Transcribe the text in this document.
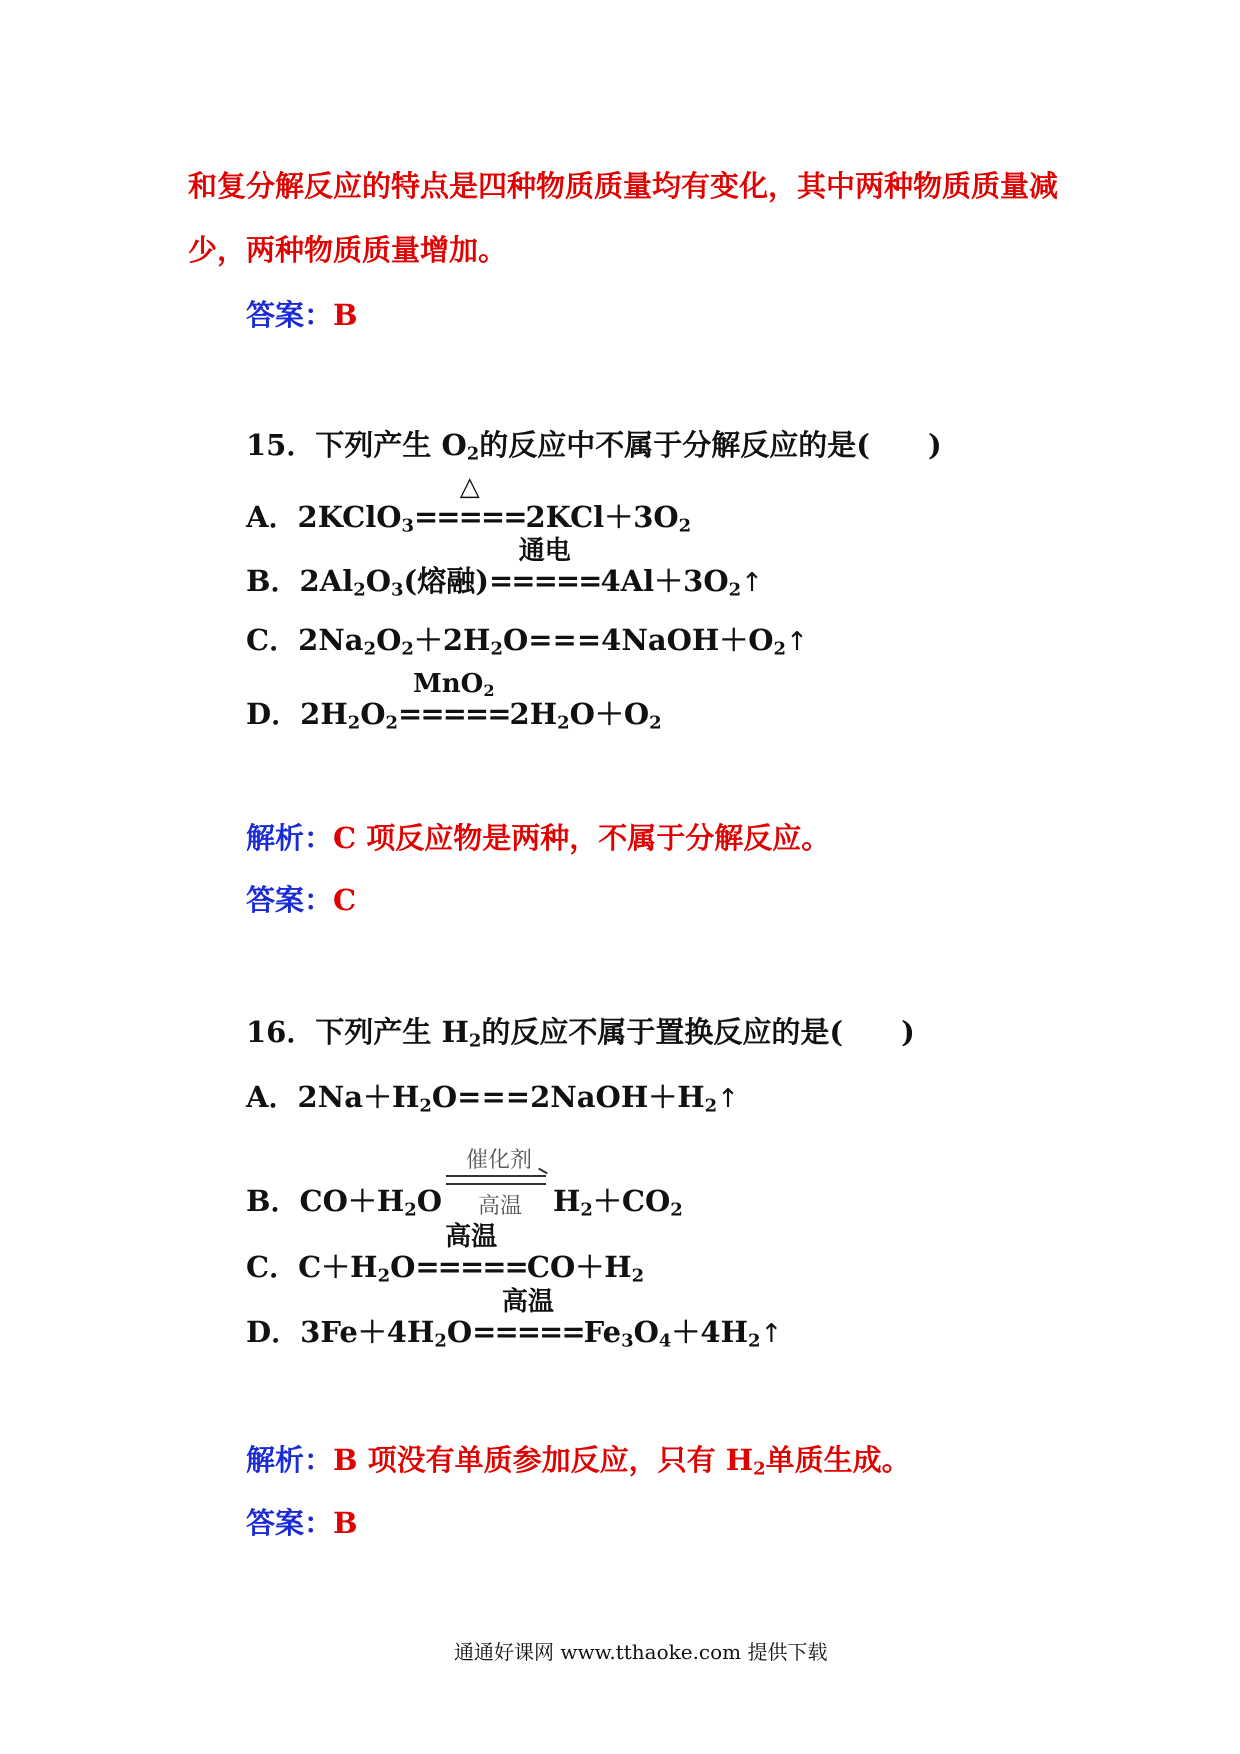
和复分解反应的特点是四种物质质量均有变化，其中两种物质质量减
少，两种物质质量增加。
答案：B
15．下列产生 $O_2$的反应中不属于分解反应的是(　　)
A．2KClO$_3$
△
$=====2KCl+3O_2$
B．$2Al_2O_3$(熔融)
通电
$=====4Al+3O_2↑$
C．$2Na_2O_2+2H_2O===4NaOH+O_2↑$
D．$2H_2O_2$
MnO$_2$
$=====2H_2O+O_2$
解析：C 项反应物是两种，不属于分解反应。
答案：C
16．下列产生 $H_2$的反应不属于置换反应的是(　　)
A．$2Na+H_2O===2NaOH+H_2↑$
B．$CO+H_2O$
催化剂
高温 $H_2+CO_2$
C．$C+H_2O$
高温
$=====CO+H_2$
D．$3Fe+4H_2O$
高温
$=====Fe_3O_4+4H_2↑$
解析：B 项没有单质参加反应，只有 $H_2$单质生成。
答案：B
通通好课网 www.tthaoke.com 提供下载
